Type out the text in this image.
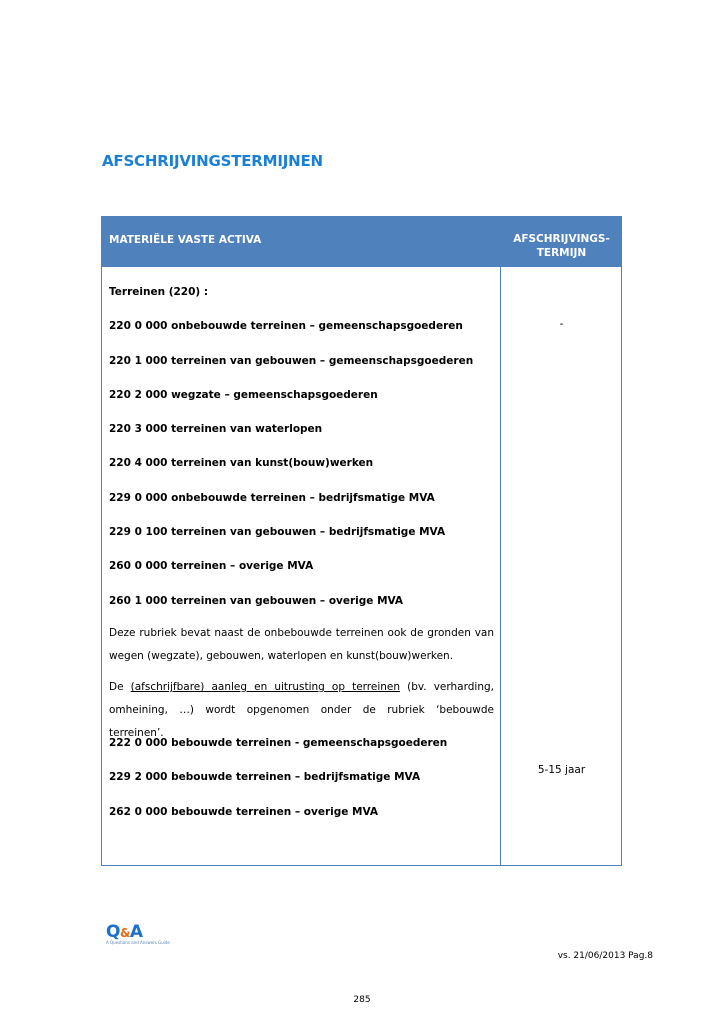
AFSCHRIJVINGSTERMIJNEN
MATERIËLE VASTE ACTIVA	AFSCHRIJVINGS-
TERMIJN
Terreinen (220) :
220 0 000 onbebouwde terreinen – gemeenschapsgoederen
220 1 000 terreinen van gebouwen – gemeenschapsgoederen
220 2 000 wegzate – gemeenschapsgoederen
220 3 000 terreinen van waterlopen
220 4 000 terreinen van kunst(bouw)werken
229 0 000 onbebouwde terreinen – bedrijfsmatige MVA
229 0 100 terreinen van gebouwen – bedrijfsmatige MVA
260 0 000 terreinen – overige MVA
260 1 000 terreinen van gebouwen – overige MVA
Deze rubriek bevat naast de onbebouwde terreinen ook de gronden van wegen (wegzate), gebouwen, waterlopen en kunst(bouw)werken.
De (afschrijfbare) aanleg en uitrusting op terreinen (bv. verharding, omheining, …) wordt opgenomen onder de rubriek ‘bebouwde terreinen’.
222 0 000 bebouwde terreinen - gemeenschapsgoederen
229 2 000 bebouwde terreinen – bedrijfsmatige MVA
262 0 000 bebouwde terreinen – overige MVA
-
5-15 jaar
Q&A
A Questions and Answers Guide
vs. 21/06/2013 Pag.8
285
